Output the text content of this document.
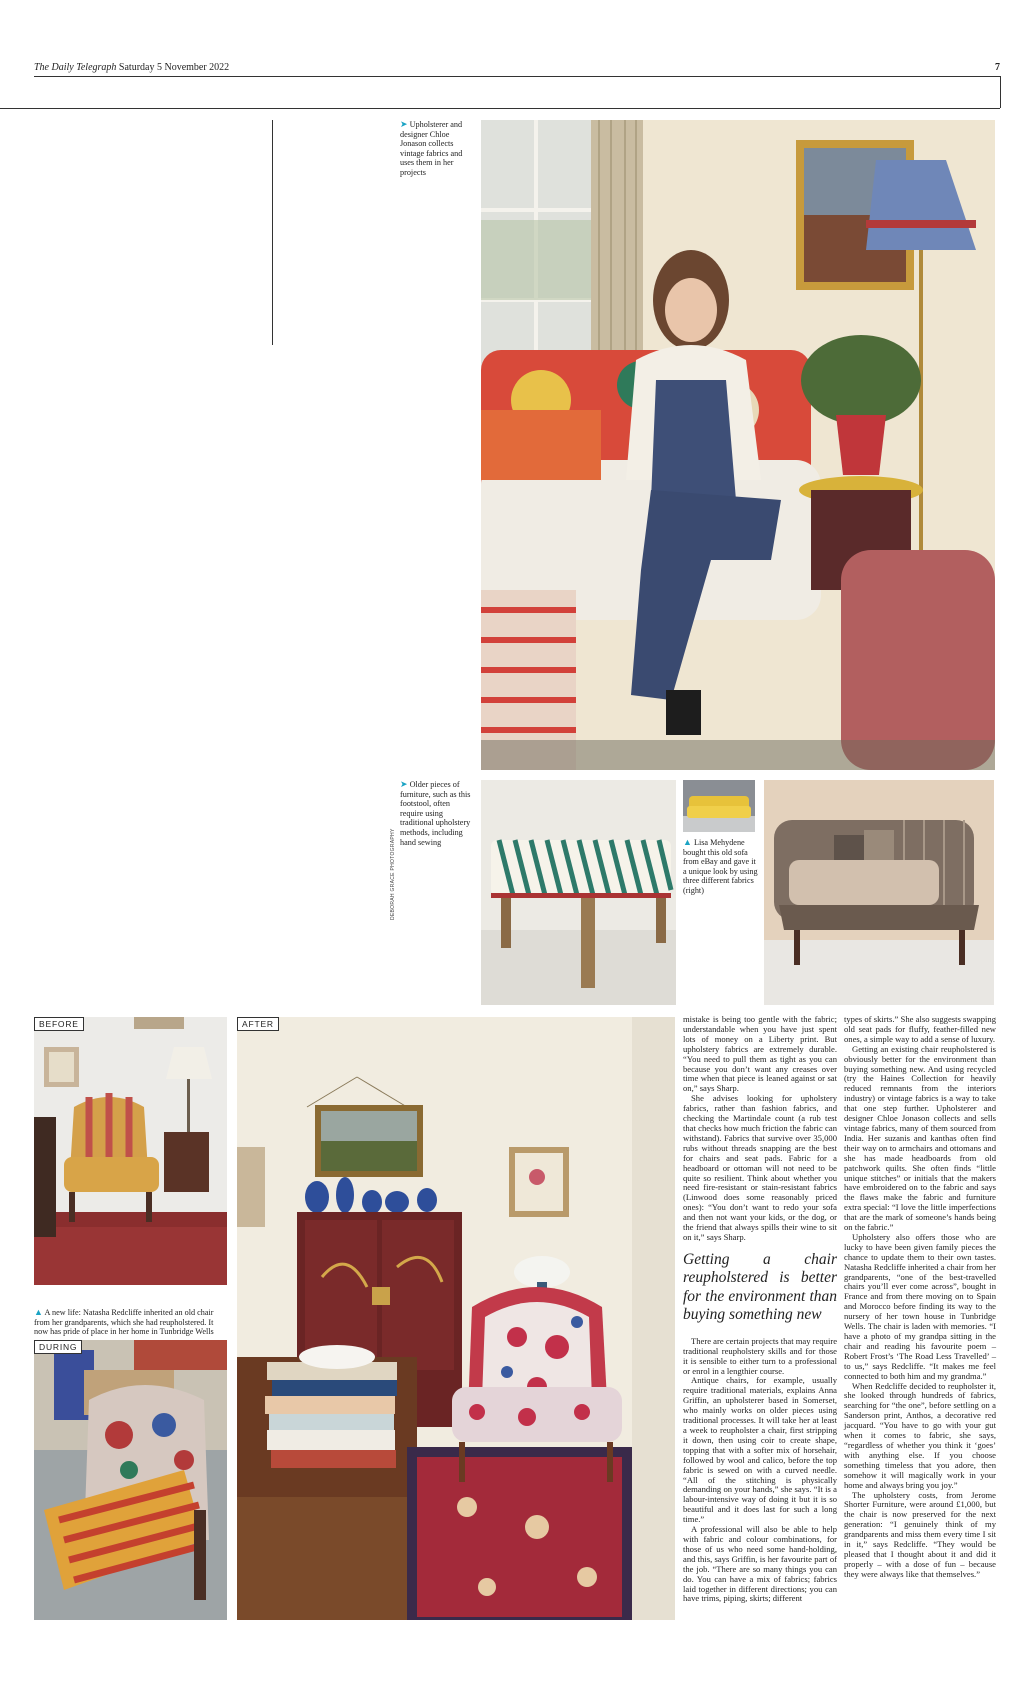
The Daily Telegraph Saturday 5 November 2022	7
➤ Upholsterer and designer Chloe Jonason collects vintage fabrics and uses them in her projects
➤ Older pieces of furniture, such as this footstool, often require using traditional upholstery methods, including hand sewing	▲ Lisa Mehydene bought this old sofa from eBay and gave it a unique look by using three different fabrics (right)
DEBORAH GRACE PHOTOGRAPHY
BEFORE
▲ A new life: Natasha Redcliffe inherited an old chair from her grandparents, which she had reupholstered. It now has pride of place in her home in Tunbridge Wells
DURING
AFTER	mistake is being too gentle with the fabric; understandable when you have just spent lots of money on a Liberty print. But upholstery fabrics are extremely durable. “You need to pull them as tight as you can because you don’t want any creases over time when that piece is leaned against or sat on,” says Sharp.

She advises looking for upholstery fabrics, rather than fashion fabrics, and checking the Martindale count (a rub test that checks how much friction the fabric can withstand). Fabrics that survive over 35,000 rubs without threads snapping are the best for chairs and seat pads. Fabric for a headboard or ottoman will not need to be quite so resilient. Think about whether you need fire-resistant or stain-resistant fabrics (Linwood does some reasonably priced ones): “You don’t want to redo your sofa and then not want your kids, or the dog, or the friend that always spills their wine to sit on it,” says Sharp.

Getting a chair reupholstered is better for the environment than buying something new

There are certain projects that may require traditional reupholstery skills and for those it is sensible to either turn to a professional or enrol in a lengthier course.

Antique chairs, for example, usually require traditional materials, explains Anna Griffin, an upholsterer based in Somerset, who mainly works on older pieces using traditional processes. It will take her at least a week to reupholster a chair, first stripping it down, then using coir to create shape, topping that with a softer mix of horsehair, followed by wool and calico, before the top fabric is sewed on with a curved needle. “All of the stitching is physically demanding on your hands,” she says. “It is a labour-intensive way of doing it but it is so beautiful and it does last for such a long time.”

A professional will also be able to help with fabric and colour combinations, for those of us who need some hand-holding, and this, says Griffin, is her favourite part of the job. “There are so many things you can do. You can have a mix of fabrics; fabrics laid together in different directions; you can have trims, piping, skirts; different

types of skirts.” She also suggests swapping old seat pads for fluffy, feather-filled new ones, a simple way to add a sense of luxury.

Getting an existing chair reupholstered is obviously better for the environment than buying something new. And using recycled (try the Haines Collection for heavily reduced remnants from the interiors industry) or vintage fabrics is a way to take that one step further. Upholsterer and designer Chloe Jonason collects and sells vintage fabrics, many of them sourced from India. Her suzanis and kanthas often find their way on to armchairs and ottomans and she has made headboards from old patchwork quilts. She often finds “little unique stitches” or initials that the makers have embroidered on to the fabric and says the flaws make the fabric and furniture extra special: “I love the little imperfections that are the mark of someone’s hands being on the fabric.”

Upholstery also offers those who are lucky to have been given family pieces the chance to update them to their own tastes. Natasha Redcliffe inherited a chair from her grandparents, “one of the best-travelled chairs you’ll ever come across”, bought in France and from there moving on to Spain and Morocco before finding its way to the nursery of her town house in Tunbridge Wells. The chair is laden with memories. “I have a photo of my grandpa sitting in the chair and reading his favourite poem – Robert Frost’s ‘The Road Less Travelled’ – to us,” says Redcliffe. “It makes me feel connected to both him and my grandma.”

When Redcliffe decided to reupholster it, she looked through hundreds of fabrics, searching for “the one”, before settling on a Sanderson print, Anthos, a decorative red jacquard. “You have to go with your gut when it comes to fabric, she says, “regardless of whether you think it ‘goes’ with anything else. If you choose something timeless that you adore, then somehow it will magically work in your home and always bring you joy.”

The upholstery costs, from Jerome Shorter Furniture, were around £1,000, but the chair is now preserved for the next generation: “I genuinely think of my grandparents and miss them every time I sit in it,” says Redcliffe. “They would be pleased that I thought about it and did it properly – with a dose of fun – because they were always like that themselves.”
